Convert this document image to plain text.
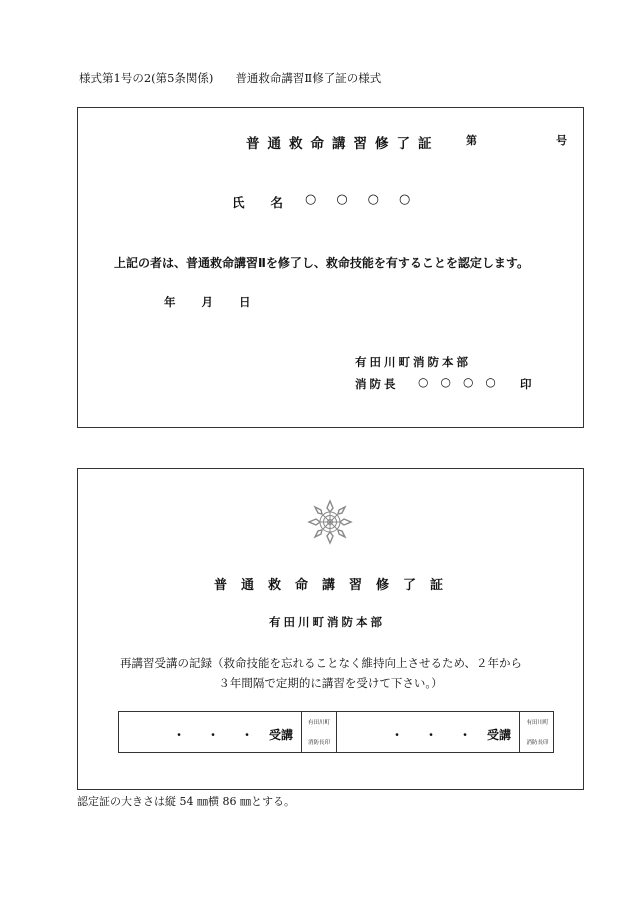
様式第1号の2(第5条関係) 普通救命講習Ⅱ修了証の様式
普通救命講習修了証 第	号
氏名
○○○○
上記の者は、普通救命講習Ⅱを修了し、救命技能を有することを認定します。
年月日
有田川町消防本部
消防長 ○○○○ 印
普通救命講習修了証
有田川町消防本部
再講習受講の記録（救命技能を忘れることなく維持向上させるため、２年から
３年間隔で定期的に講習を受けて下さい。）
・・・
受講
有田川町
消防長印
・・・
受講
有田川町
消防長印
認定証の大きさは縦 54 ㎜横 86 ㎜とする。
